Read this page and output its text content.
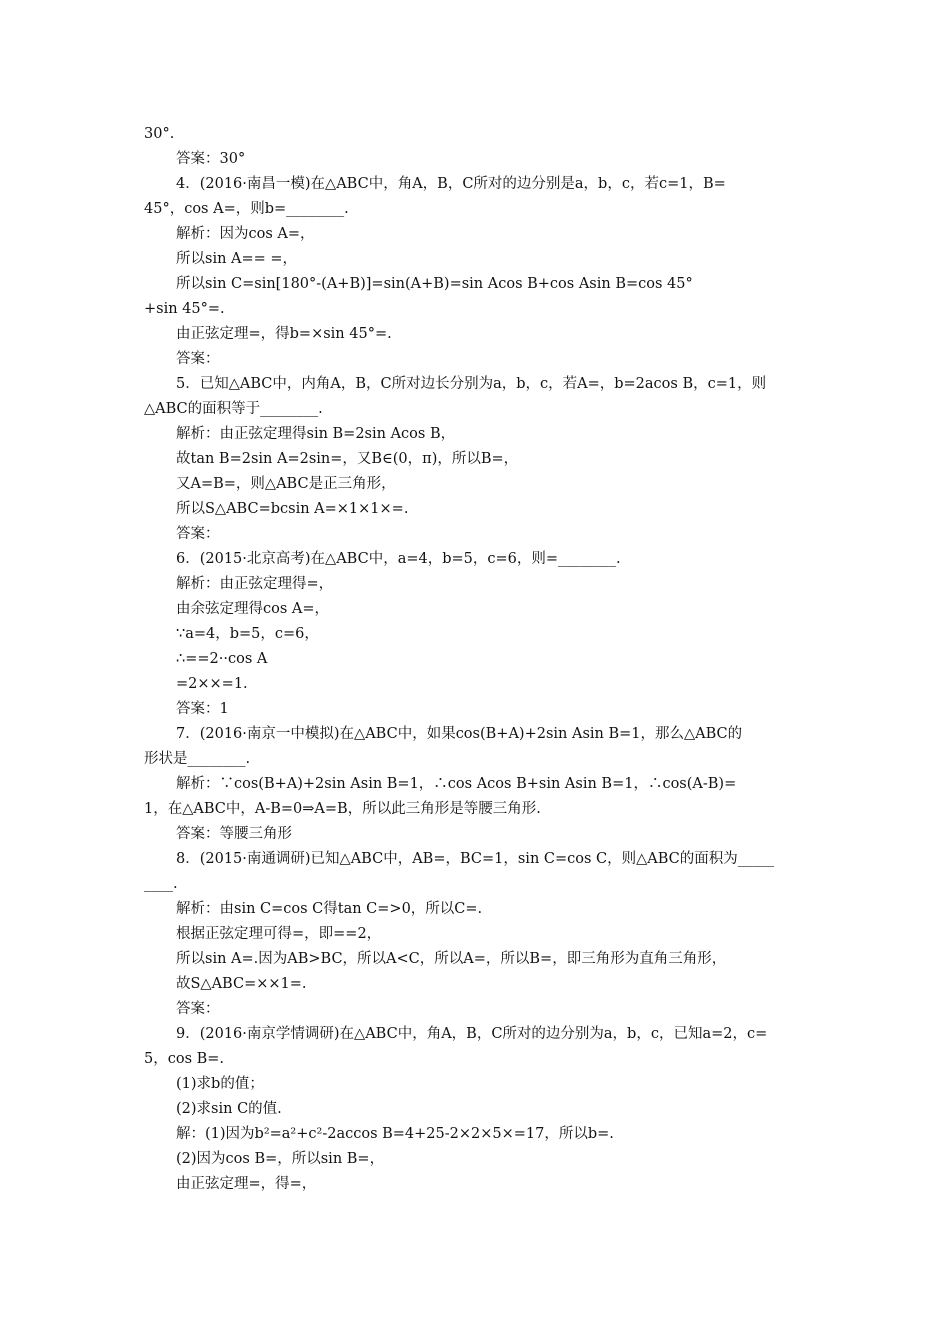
30°.
答案：30°
4．(2016·南昌一模)在△ABC中，角A，B，C所对的边分别是a，b，c，若c=1，B=
45°，cos A=，则b=________.
解析：因为cos A=，
所以sin A== =，
所以sin C=sin[180°-(A+B)]=sin(A+B)=sin Acos B+cos Asin B=cos 45°
+sin 45°=.
由正弦定理=，得b=×sin 45°=.
答案：
5．已知△ABC中，内角A，B，C所对边长分别为a，b，c，若A=，b=2acos B，c=1，则
△ABC的面积等于________.
解析：由正弦定理得sin B=2sin Acos B，
故tan B=2sin A=2sin=，又B∈(0，π)，所以B=，
又A=B=，则△ABC是正三角形，
所以S△ABC=bcsin A=×1×1×=.
答案：
6．(2015·北京高考)在△ABC中，a=4，b=5，c=6，则=________.
解析：由正弦定理得=，
由余弦定理得cos A=，
∵a=4，b=5，c=6，
∴==2··cos A
=2××=1.
答案：1
7．(2016·南京一中模拟)在△ABC中，如果cos(B+A)+2sin Asin B=1，那么△ABC的
形状是________.
解析：∵cos(B+A)+2sin Asin B=1，∴cos Acos B+sin Asin B=1，∴cos(A-B)=
1，在△ABC中，A-B=0⇒A=B，所以此三角形是等腰三角形.
答案：等腰三角形
8．(2015·南通调研)已知△ABC中，AB=，BC=1，sin C=cos C，则△ABC的面积为_____
____.
解析：由sin C=cos C得tan C=>0，所以C=.
根据正弦定理可得=，即==2，
所以sin A=.因为AB>BC，所以A<C，所以A=，所以B=，即三角形为直角三角形，
故S△ABC=××1=.
答案：
9．(2016·南京学情调研)在△ABC中，角A，B，C所对的边分别为a，b，c，已知a=2，c=
5，cos B=.
(1)求b的值；
(2)求sin C的值.
解：(1)因为b²=a²+c²-2accos B=4+25-2×2×5×=17，所以b=.
(2)因为cos B=，所以sin B=，
由正弦定理=，得=，
